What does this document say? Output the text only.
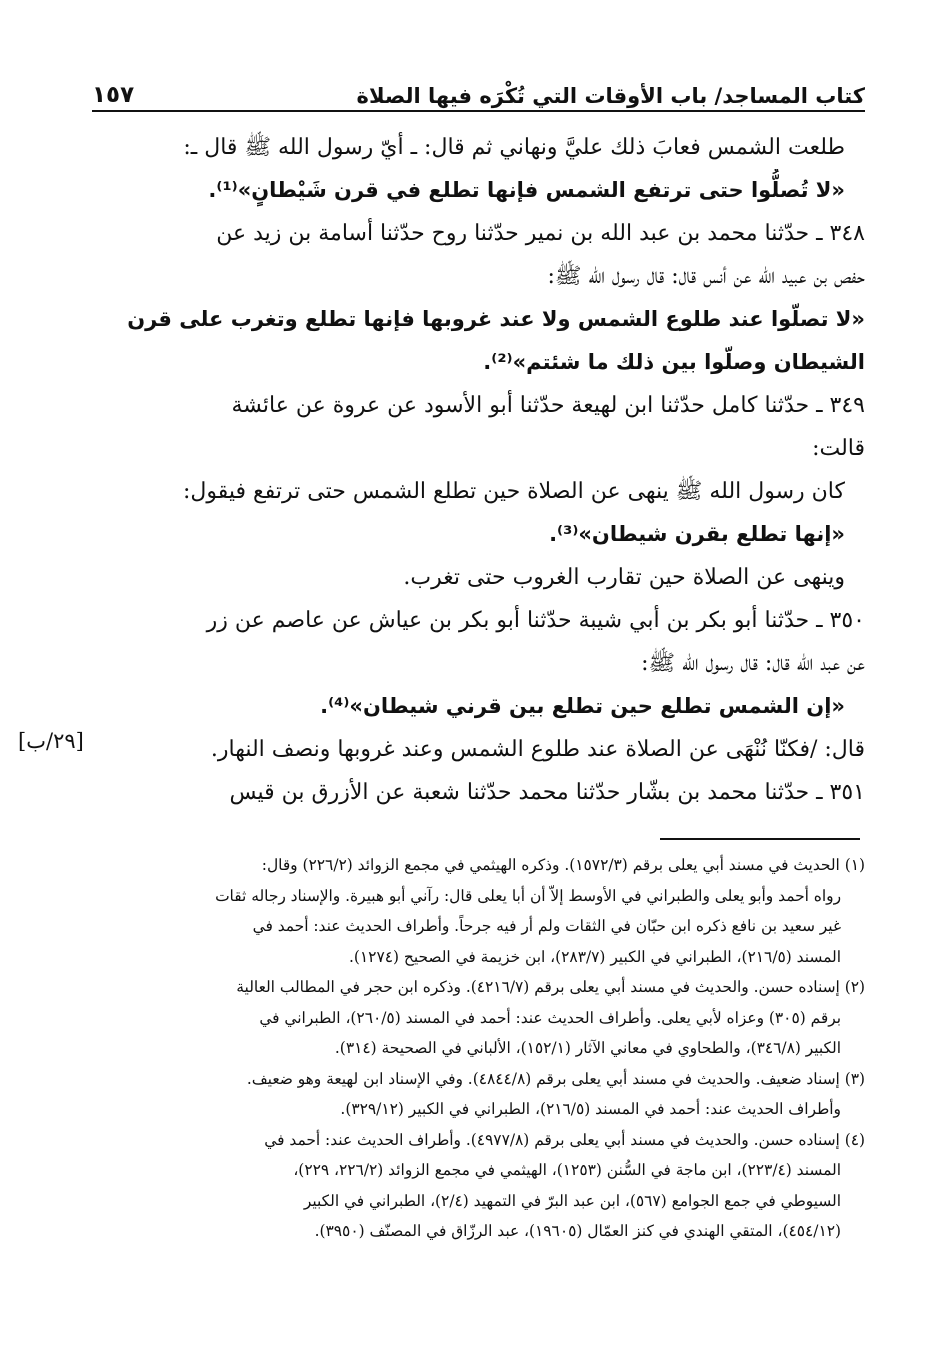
كتاب المساجد/ باب الأوقات التي تُكْرَه فيها الصلاة
١٥٧
طلعت الشمس فعابَ ذلك عليَّ ونهاني ثم قال: ـ أيّ رسول الله ﷺ قال ـ:
«لا تُصلُّوا حتى ترتفع الشمس فإنها تطلع في قرن شَيْطانٍ»⁽¹⁾.
٣٤٨ ـ حدّثنا محمد بن عبد الله بن نمير حدّثنا روح حدّثنا أسامة بن زيد عن
حفص بن عبيد الله عن أنس قال: قال رسول الله ﷺ:
«لا تصلّوا عند طلوع الشمس ولا عند غروبها فإنها تطلع وتغرب على قرن
الشيطان وصلّوا بين ذلك ما شئتم»⁽²⁾.
٣٤٩ ـ حدّثنا كامل حدّثنا ابن لهيعة حدّثنا أبو الأسود عن عروة عن عائشة
قالت:
كان رسول الله ﷺ ينهى عن الصلاة حين تطلع الشمس حتى ترتفع فيقول:
«إنها تطلع بقرن شيطان»⁽³⁾.
وينهى عن الصلاة حين تقارب الغروب حتى تغرب.
٣٥٠ ـ حدّثنا أبو بكر بن أبي شيبة حدّثنا أبو بكر بن عياش عن عاصم عن زر
عن عبد الله قال: قال رسول الله ﷺ:
«إن الشمس تطلع حين تطلع بين قرني شيطان»⁽⁴⁾.
قال: /فكنّا نُنْهَى عن الصلاة عند طلوع الشمس وعند غروبها ونصف النهار.
٣٥١ ـ حدّثنا محمد بن بشّار حدّثنا محمد حدّثنا شعبة عن الأزرق بن قيس
[٢٩/ب]
(١) الحديث في مسند أبي يعلى برقم (١٥٧٢/٣). وذكره الهيثمي في مجمع الزوائد (٢٢٦/٢) وقال:
رواه أحمد وأبو يعلى والطبراني في الأوسط إلاّ أن أبا يعلى قال: رآني أبو هبيرة. والإسناد رجاله ثقات
غير سعيد بن نافع ذكره ابن حبّان في الثقات ولم أر فيه جرحاً. وأطراف الحديث عند: أحمد في
المسند (٢١٦/٥)، الطبراني في الكبير (٢٨٣/٧)، ابن خزيمة في الصحيح (١٢٧٤).
(٢) إسناده حسن. والحديث في مسند أبي يعلى برقم (٤٢١٦/٧). وذكره ابن حجر في المطالب العالية
برقم (٣٠٥) وعزاه لأبي يعلى. وأطراف الحديث عند: أحمد في المسند (٢٦٠/٥)، الطبراني في
الكبير (٣٤٦/٨)، والطحاوي في معاني الآثار (١٥٢/١)، الألباني في الصحيحة (٣١٤).
(٣) إسناد ضعيف. والحديث في مسند أبي يعلى برقم (٤٨٤٤/٨). وفي الإسناد ابن لهيعة وهو ضعيف.
وأطراف الحديث عند: أحمد في المسند (٢١٦/٥)، الطبراني في الكبير (٣٢٩/١٢).
(٤) إسناده حسن. والحديث في مسند أبي يعلى برقم (٤٩٧٧/٨). وأطراف الحديث عند: أحمد في
المسند (٢٢٣/٤)، ابن ماجة في السُّنن (١٢٥٣)، الهيثمي في مجمع الزوائد (٢٢٦/٢، ٢٢٩)،
السيوطي في جمع الجوامع (٥٦٧)، ابن عبد البرّ في التمهيد (٢/٤)، الطبراني في الكبير
(٤٥٤/١٢)، المتقي الهندي في كنز العمّال (١٩٦٠٥)، عبد الرزّاق في المصنّف (٣٩٥٠).
